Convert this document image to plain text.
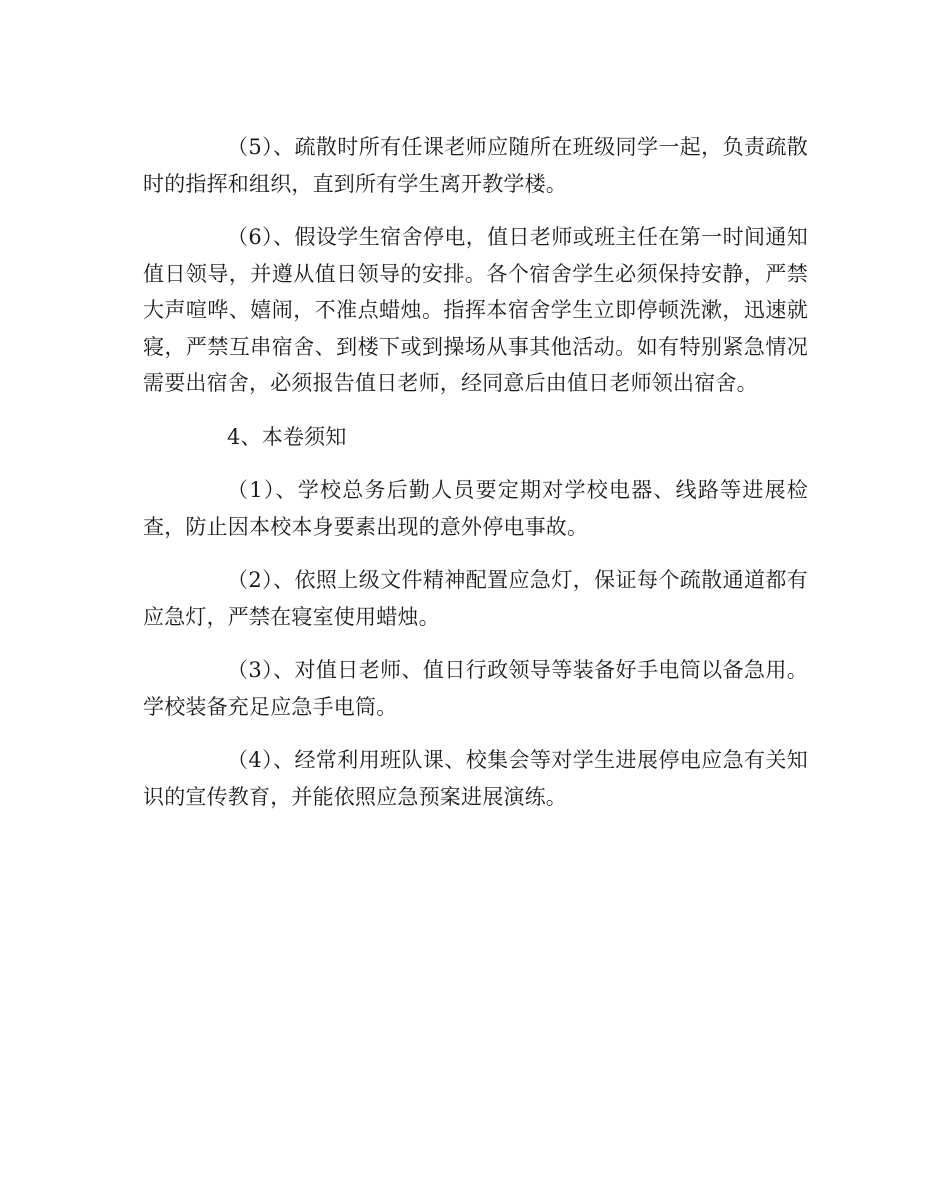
（5）、疏散时所有任课老师应随所在班级同学一起，负责疏散时的指挥和组织，直到所有学生离开教学楼。

（6）、假设学生宿舍停电，值日老师或班主任在第一时间通知值日领导，并遵从值日领导的安排。各个宿舍学生必须保持安静，严禁大声喧哗、嬉闹，不准点蜡烛。指挥本宿舍学生立即停顿洗漱，迅速就寝，严禁互串宿舍、到楼下或到操场从事其他活动。如有特别紧急情况需要出宿舍，必须报告值日老师，经同意后由值日老师领出宿舍。

4、本卷须知

（1）、学校总务后勤人员要定期对学校电器、线路等进展检查，防止因本校本身要素出现的意外停电事故。

（2）、依照上级文件精神配置应急灯，保证每个疏散通道都有应急灯，严禁在寝室使用蜡烛。

（3）、对值日老师、值日行政领导等装备好手电筒以备急用。学校装备充足应急手电筒。

（4）、经常利用班队课、校集会等对学生进展停电应急有关知识的宣传教育，并能依照应急预案进展演练。
